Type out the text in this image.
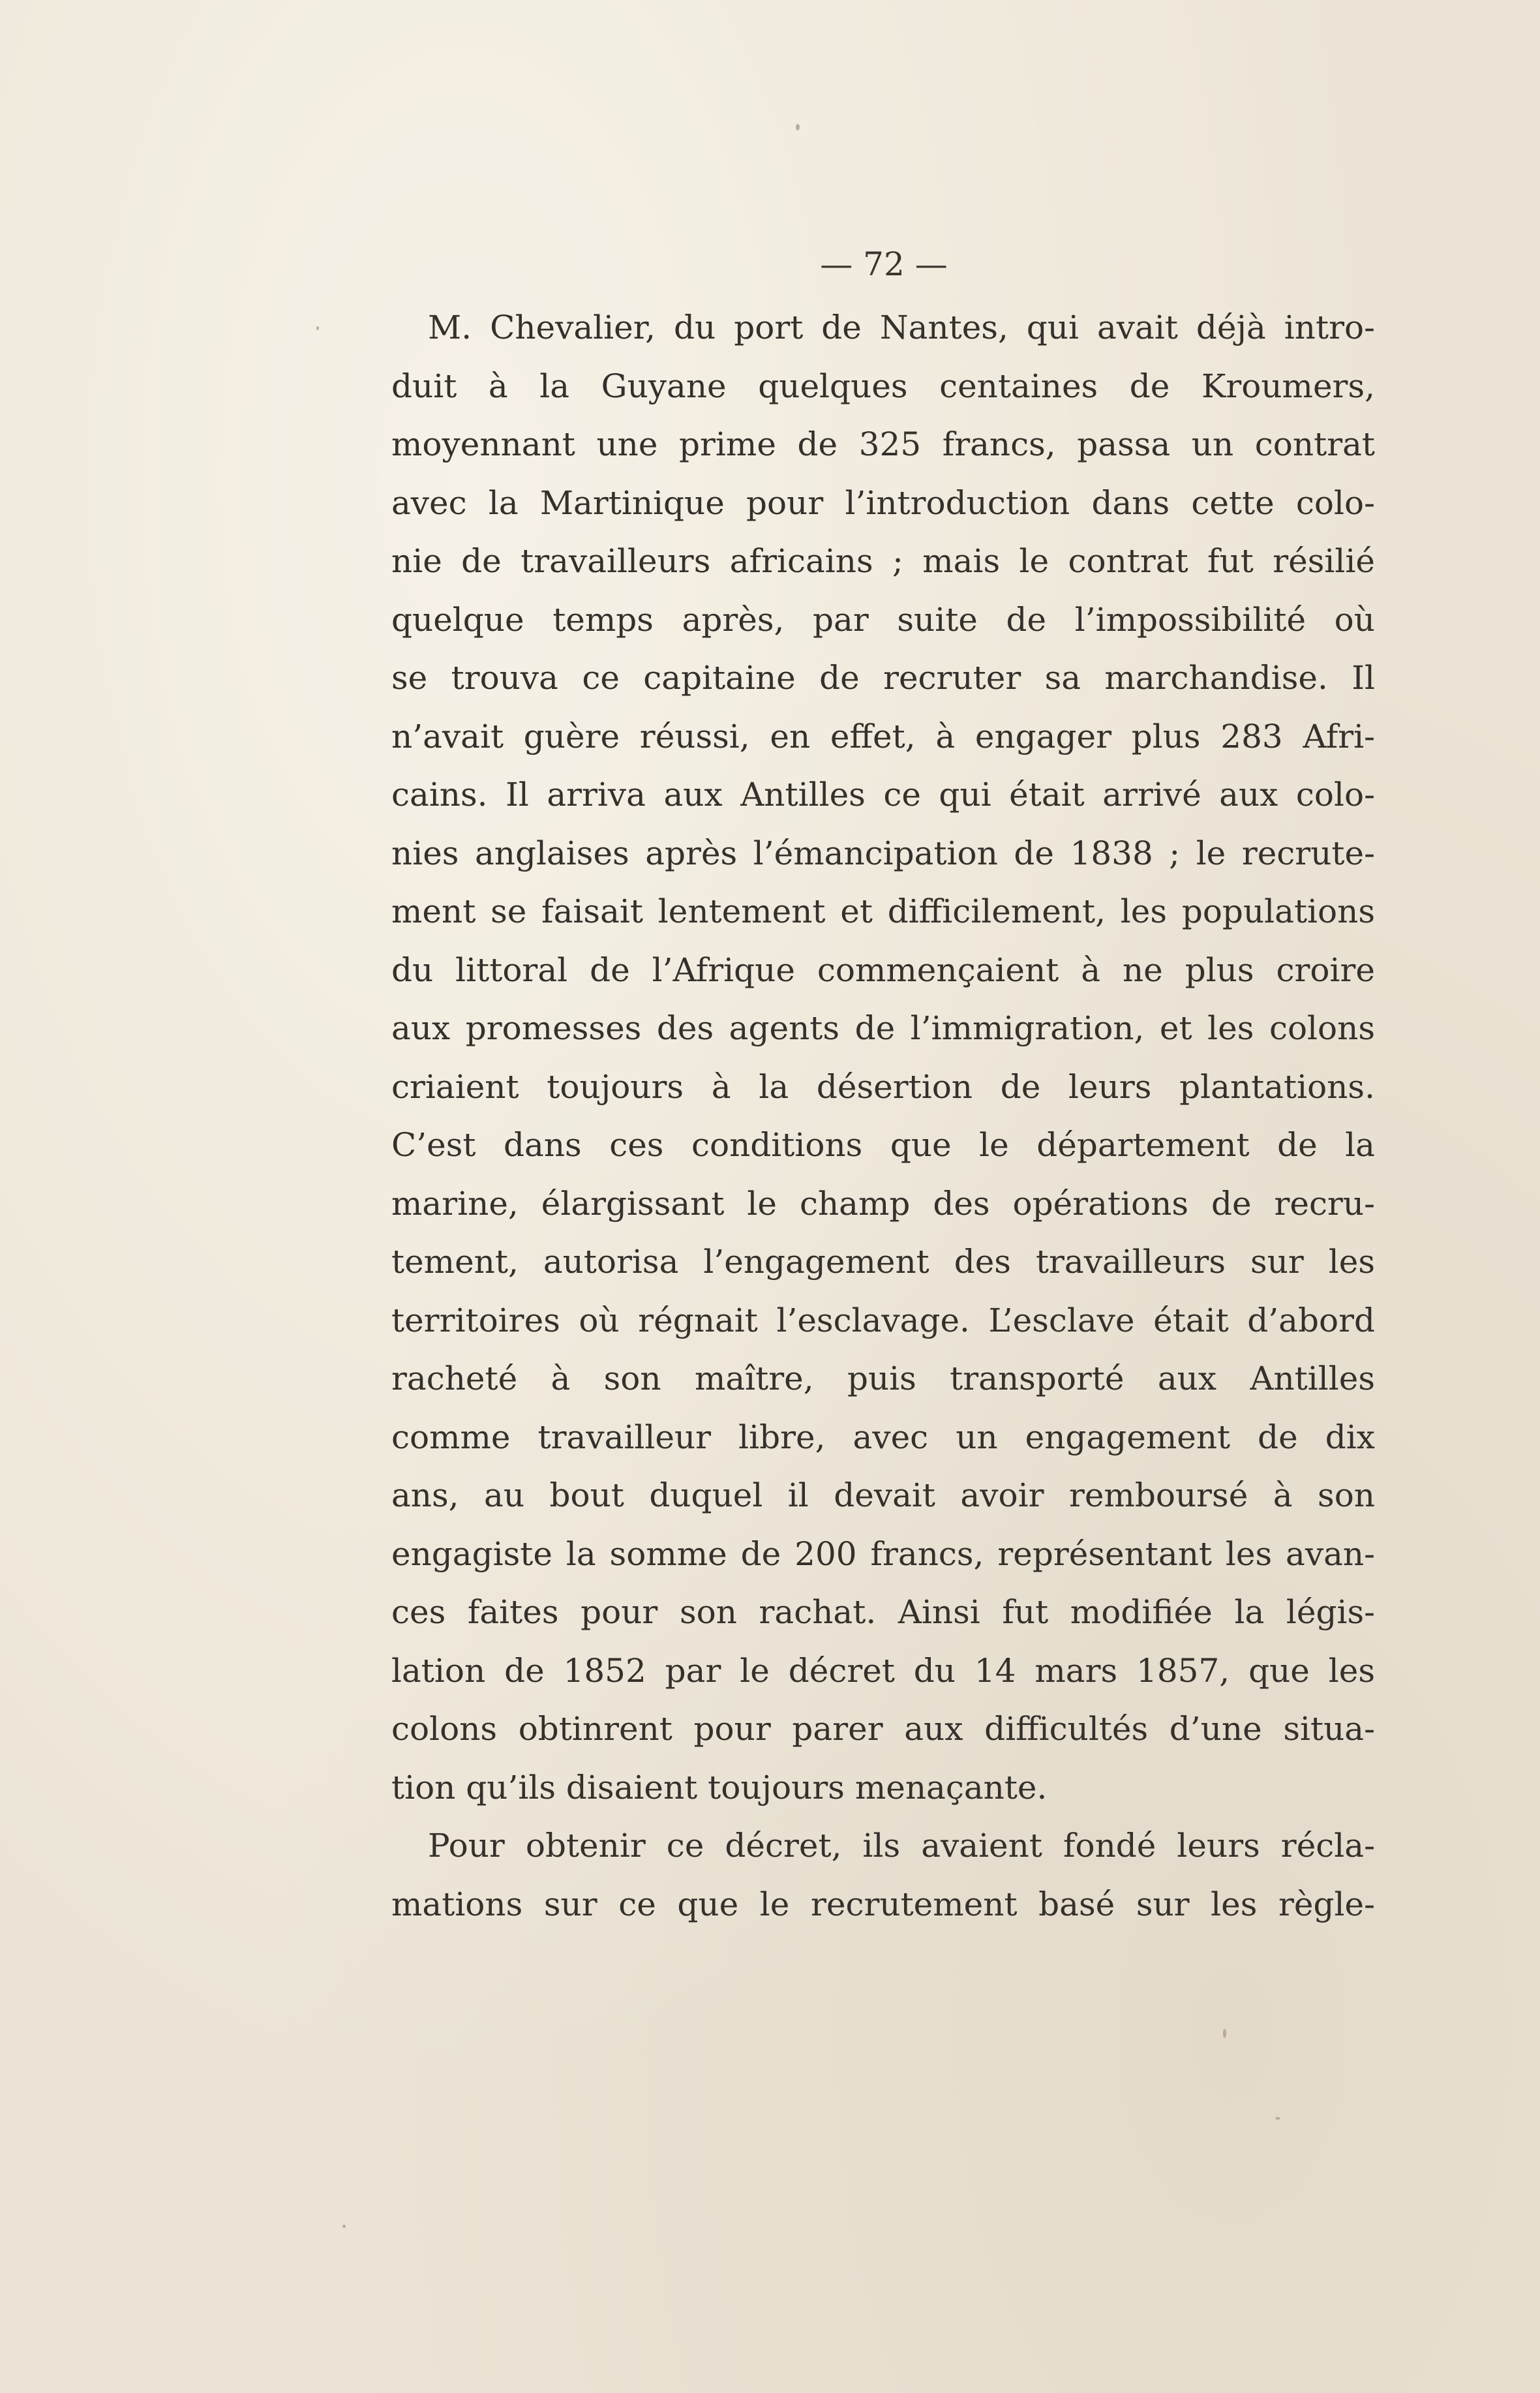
— 72 —
M. Chevalier, du port de Nantes, qui avait déjà intro-
duit à la Guyane quelques centaines de Kroumers,
moyennant une prime de 325 francs, passa un contrat
avec la Martinique pour l’introduction dans cette colo-
nie de travailleurs africains ; mais le contrat fut résilié
quelque temps après, par suite de l’impossibilité où
se trouva ce capitaine de recruter sa marchandise. Il
n’avait guère réussi, en effet, à engager plus 283 Afri-
cains. Il arriva aux Antilles ce qui était arrivé aux colo-
nies anglaises après l’émancipation de 1838 ; le recrute-
ment se faisait lentement et difficilement, les populations
du littoral de l’Afrique commençaient à ne plus croire
aux promesses des agents de l’immigration, et les colons
criaient toujours à la désertion de leurs plantations.
C’est dans ces conditions que le département de la
marine, élargissant le champ des opérations de recru-
tement, autorisa l’engagement des travailleurs sur les
territoires où régnait l’esclavage. L’esclave était d’abord
racheté à son maître, puis transporté aux Antilles
comme travailleur libre, avec un engagement de dix
ans, au bout duquel il devait avoir remboursé à son
engagiste la somme de 200 francs, représentant les avan-
ces faites pour son rachat. Ainsi fut modifiée la légis-
lation de 1852 par le décret du 14 mars 1857, que les
colons obtinrent pour parer aux difficultés d’une situa-
tion qu’ils disaient toujours menaçante.
Pour obtenir ce décret, ils avaient fondé leurs récla-
mations sur ce que le recrutement basé sur les règle-
